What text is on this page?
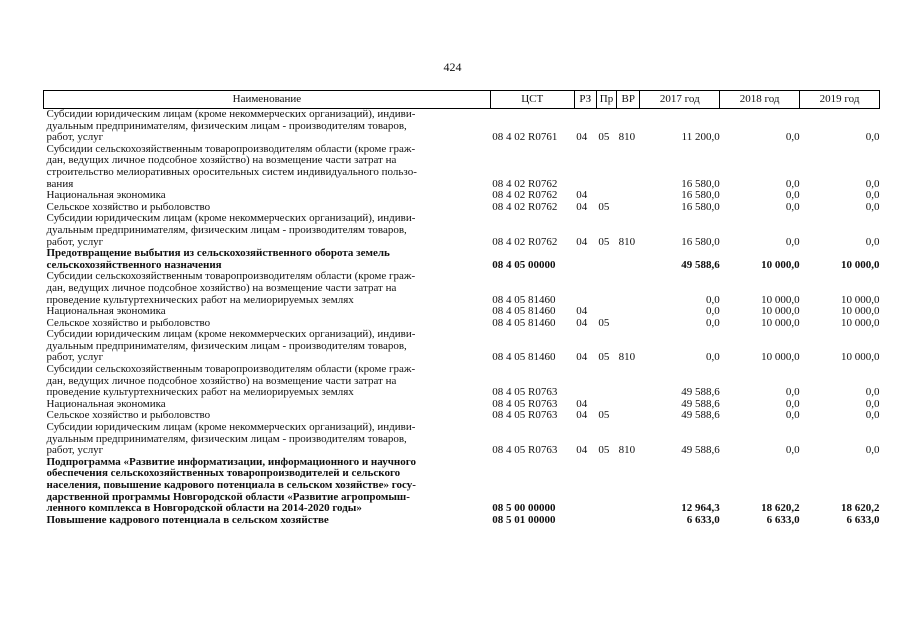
424
Наименование	ЦСТ	РЗ	Пр	ВР	2017 год	2018 год	2019 год

Субсидии юридическим лицам (кроме некоммерческих организаций), индиви-
дуальным предпринимателям, физическим лицам - производителям товаров,
работ, услуг	08 4 02 R0761	04	05	810	11 200,0	0,0	0,0

Субсидии сельскохозяйственным товаропроизводителям области (кроме граж-
дан, ведущих личное подсобное хозяйство) на возмещение части затрат на
строительство мелиоративных оросительных систем индивидуального пользо-
вания	08 4 02 R0762				16 580,0	0,0	0,0

Национальная экономика	08 4 02 R0762	04			16 580,0	0,0	0,0

Сельское хозяйство и рыболовство	08 4 02 R0762	04	05		16 580,0	0,0	0,0

Субсидии юридическим лицам (кроме некоммерческих организаций), индиви-
дуальным предпринимателям, физическим лицам - производителям товаров,
работ, услуг	08 4 02 R0762	04	05	810	16 580,0	0,0	0,0

Предотвращение выбытия из сельскохозяйственного оборота земель
сельскохозяйственного назначения	08 4 05 00000				49 588,6	10 000,0	10 000,0

Субсидии сельскохозяйственным товаропроизводителям области (кроме граж-
дан, ведущих личное подсобное хозяйство) на возмещение части затрат на
проведение культуртехнических работ на мелиорируемых землях	08 4 05 81460				0,0	10 000,0	10 000,0

Национальная экономика	08 4 05 81460	04			0,0	10 000,0	10 000,0

Сельское хозяйство и рыболовство	08 4 05 81460	04	05		0,0	10 000,0	10 000,0

Субсидии юридическим лицам (кроме некоммерческих организаций), индиви-
дуальным предпринимателям, физическим лицам - производителям товаров,
работ, услуг	08 4 05 81460	04	05	810	0,0	10 000,0	10 000,0

Субсидии сельскохозяйственным товаропроизводителям области (кроме граж-
дан, ведущих личное подсобное хозяйство) на возмещение части затрат на
проведение культуртехнических работ на мелиорируемых землях	08 4 05 R0763				49 588,6	0,0	0,0

Национальная экономика	08 4 05 R0763	04			49 588,6	0,0	0,0

Сельское хозяйство и рыболовство	08 4 05 R0763	04	05		49 588,6	0,0	0,0

Субсидии юридическим лицам (кроме некоммерческих организаций), индиви-
дуальным предпринимателям, физическим лицам - производителям товаров,
работ, услуг	08 4 05 R0763	04	05	810	49 588,6	0,0	0,0

Подпрограмма «Развитие информатизации, информационного и научного
обеспечения сельскохозяйственных товаропроизводителей и сельского
населения, повышение кадрового потенциала в сельском хозяйстве» госу-
дарственной программы Новгородской области «Развитие агропромыш-
ленного комплекса в Новгородской области на 2014-2020 годы»	08 5 00 00000				12 964,3	18 620,2	18 620,2

Повышение кадрового потенциала в сельском хозяйстве	08 5 01 00000				6 633,0	6 633,0	6 633,0
